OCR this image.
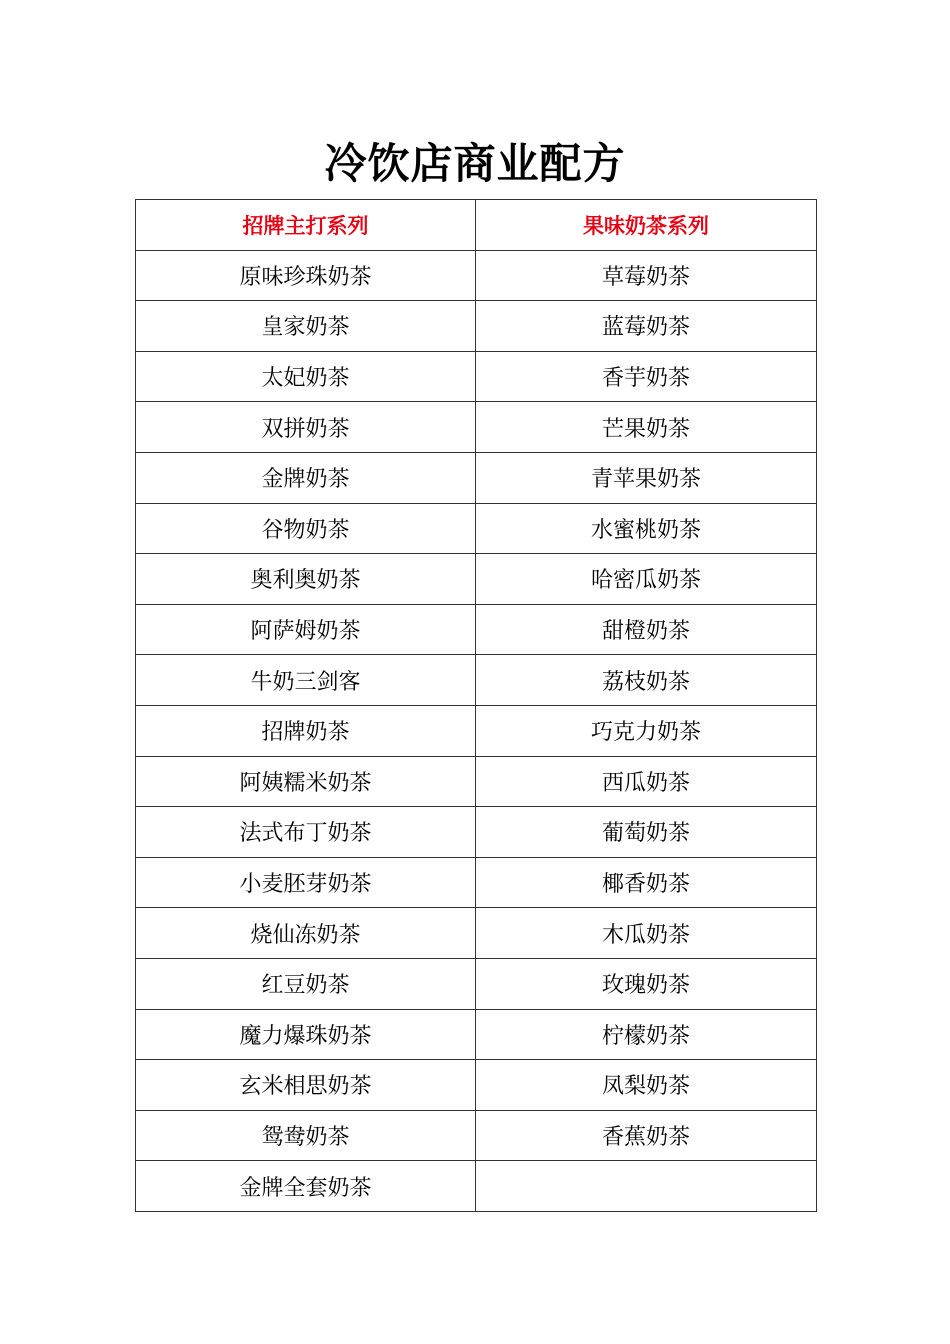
冷饮店商业配方
招牌主打系列	果味奶茶系列
原味珍珠奶茶	草莓奶茶
皇家奶茶	蓝莓奶茶
太妃奶茶	香芋奶茶
双拼奶茶	芒果奶茶
金牌奶茶	青苹果奶茶
谷物奶茶	水蜜桃奶茶
奥利奥奶茶	哈密瓜奶茶
阿萨姆奶茶	甜橙奶茶
牛奶三剑客	荔枝奶茶
招牌奶茶	巧克力奶茶
阿姨糯米奶茶	西瓜奶茶
法式布丁奶茶	葡萄奶茶
小麦胚芽奶茶	椰香奶茶
烧仙冻奶茶	木瓜奶茶
红豆奶茶	玫瑰奶茶
魔力爆珠奶茶	柠檬奶茶
玄米相思奶茶	凤梨奶茶
鸳鸯奶茶	香蕉奶茶
金牌全套奶茶	
